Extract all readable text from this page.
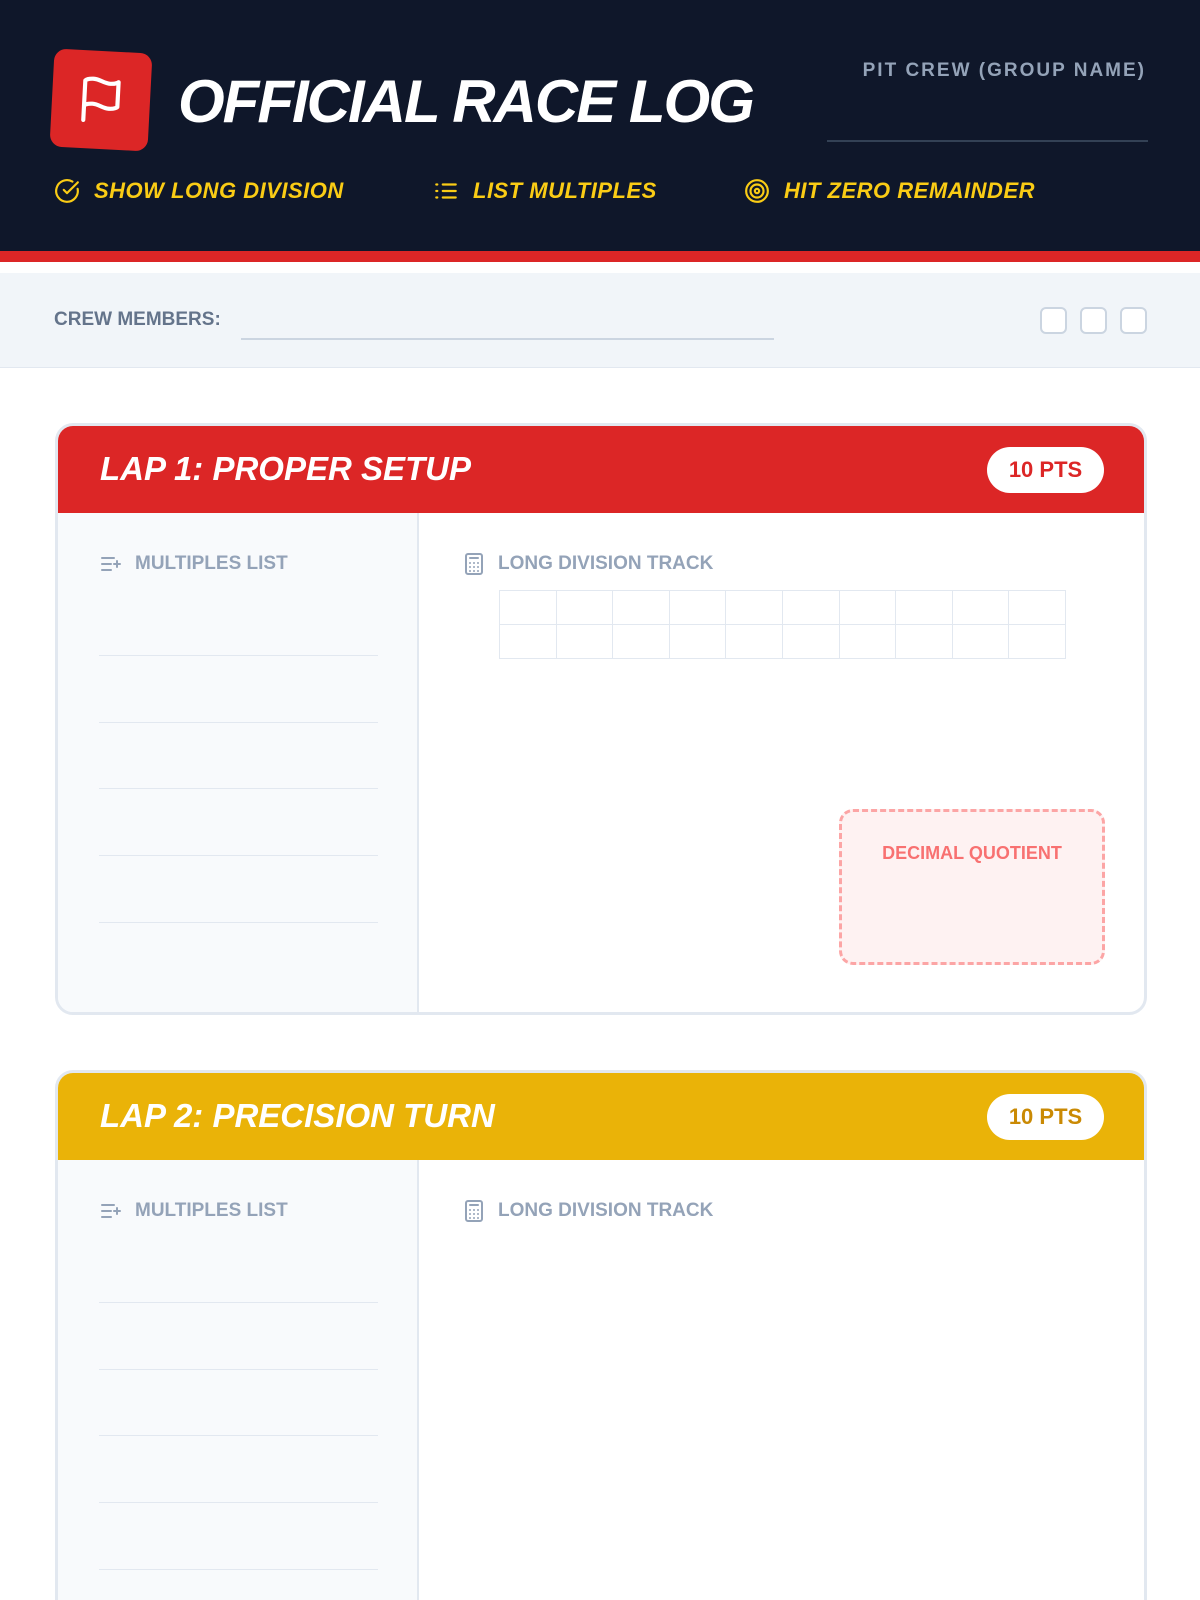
OFFICIAL RACE LOG	PIT CREW (GROUP NAME)
SHOW LONG DIVISION	LIST MULTIPLES	HIT ZERO REMAINDER
CREW MEMBERS:
LAP 1: PROPER SETUP	10 PTS
MULTIPLES LIST	LONG DIVISION TRACK
DECIMAL QUOTIENT
LAP 2: PRECISION TURN	10 PTS
MULTIPLES LIST	LONG DIVISION TRACK
